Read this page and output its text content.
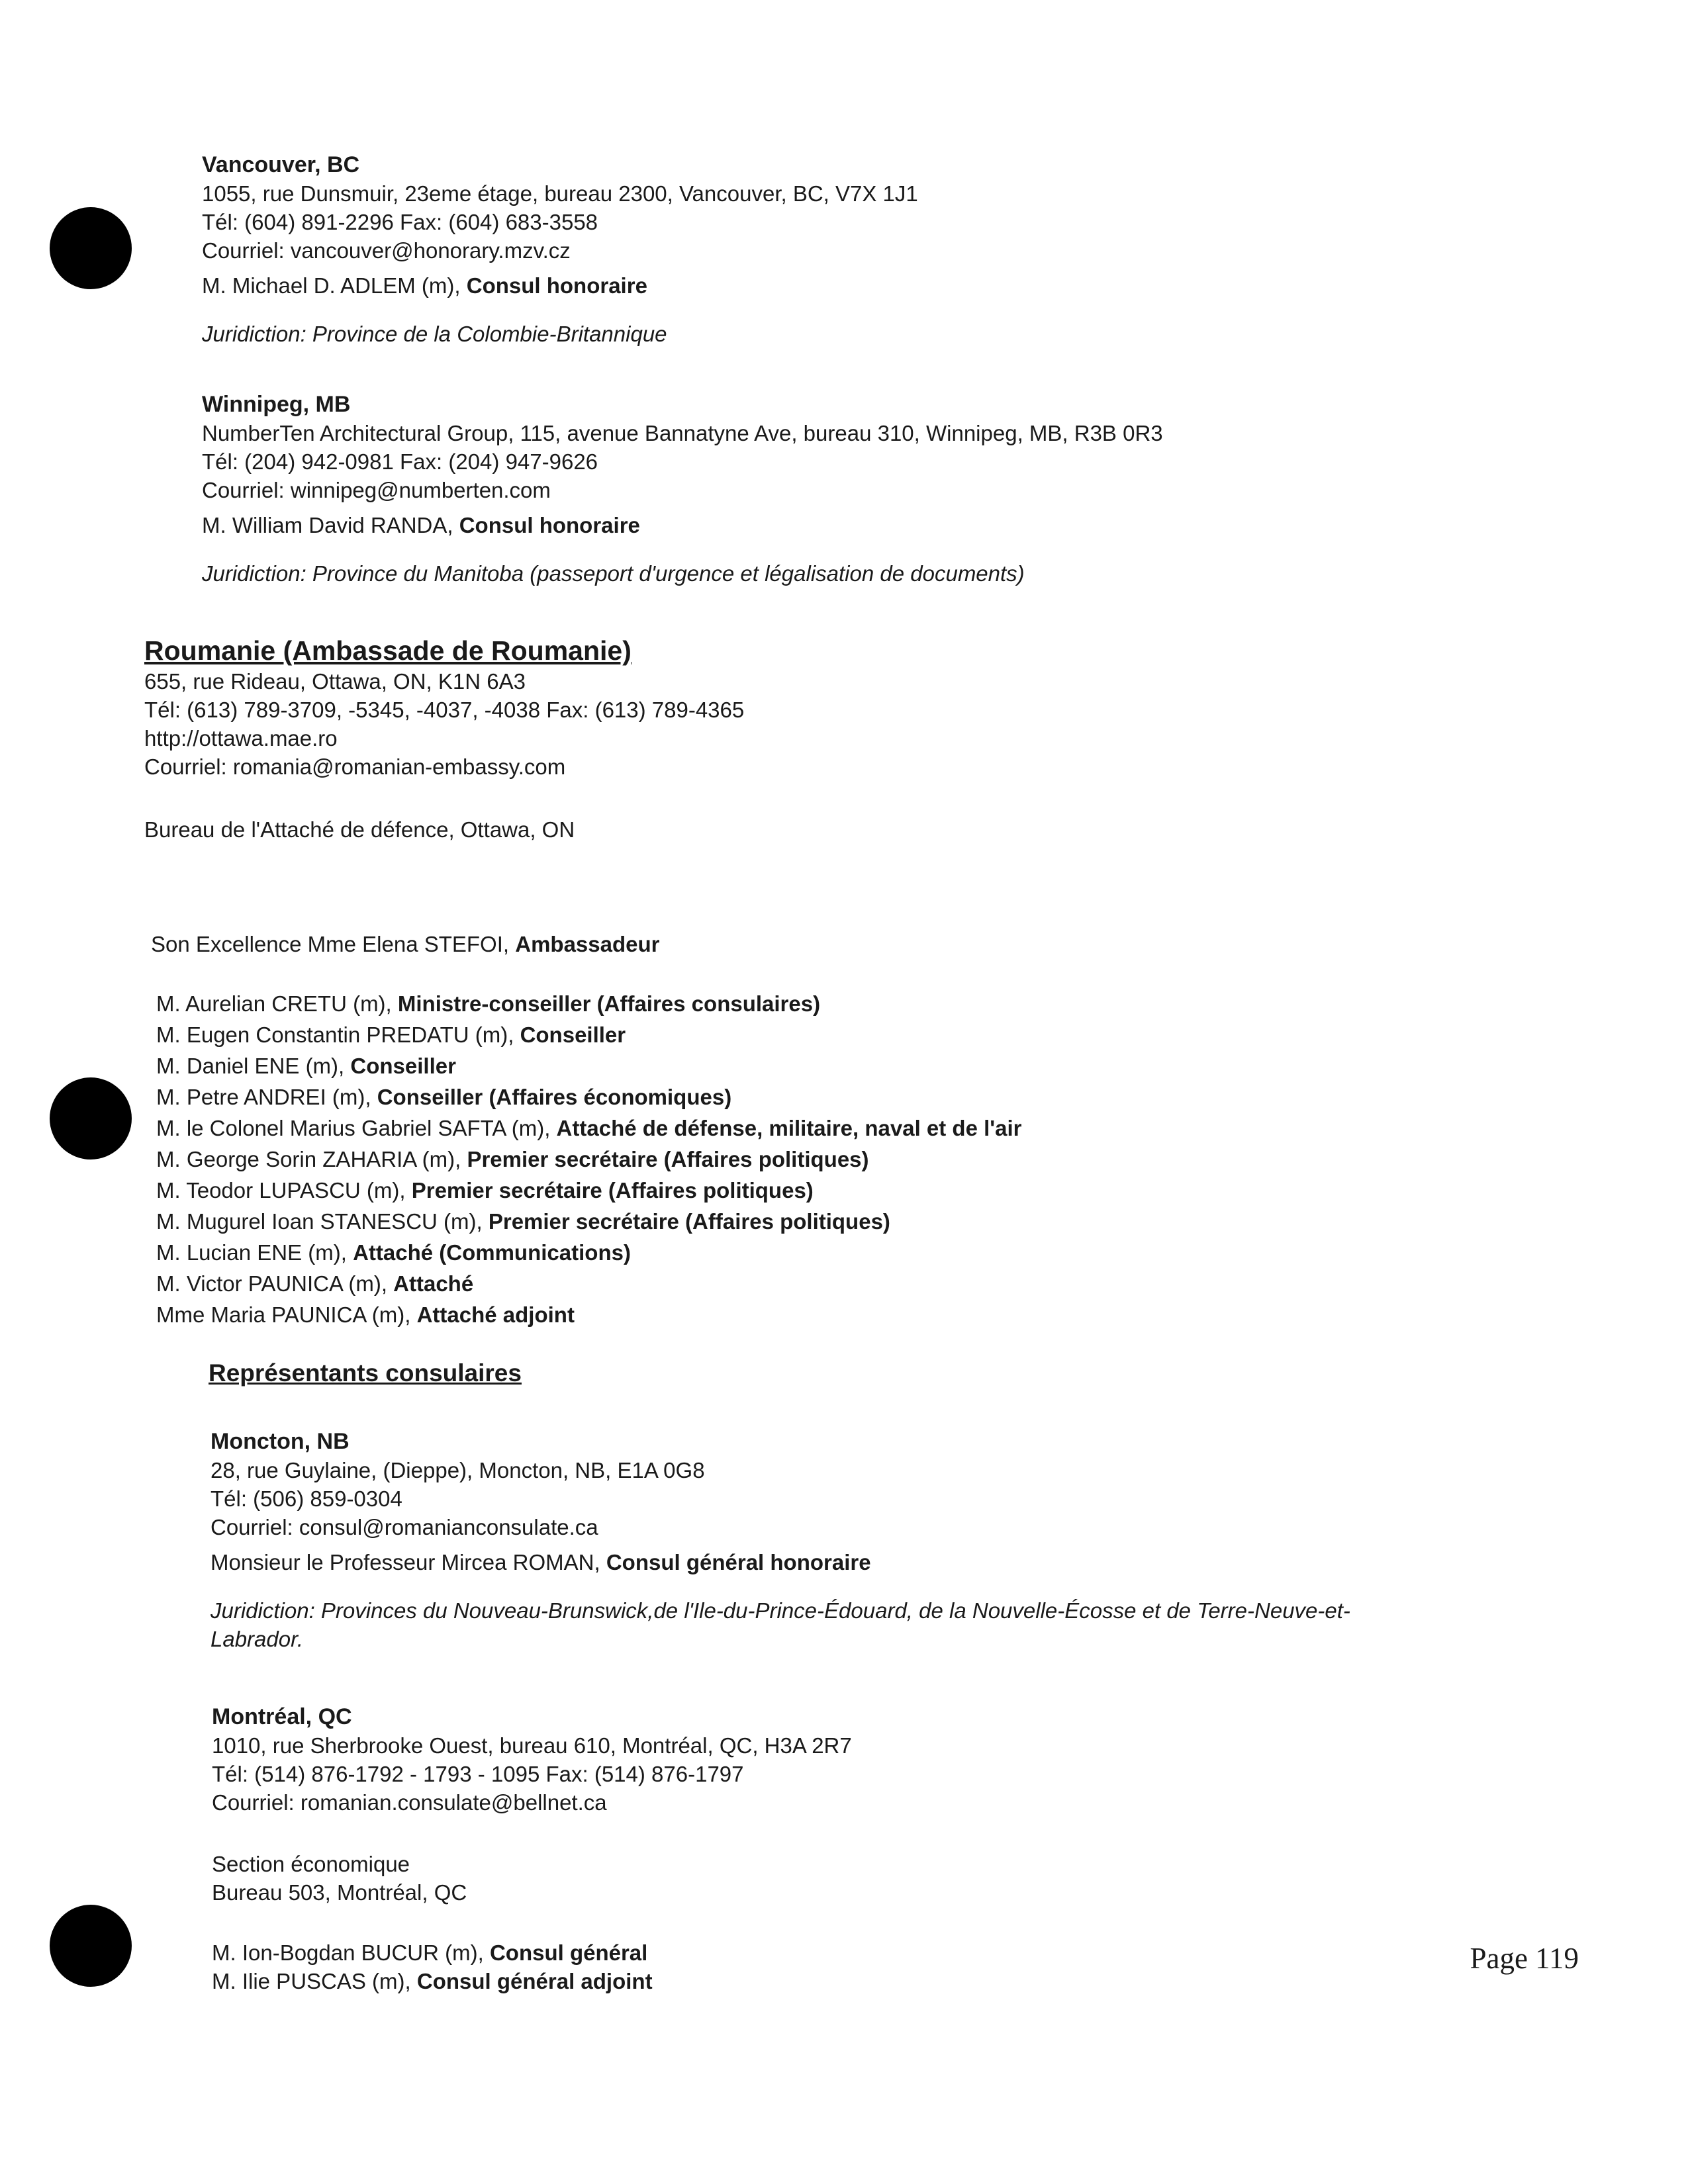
Vancouver, BC
1055, rue Dunsmuir, 23eme étage, bureau 2300, Vancouver, BC, V7X 1J1
Tél: (604) 891-2296 Fax: (604) 683-3558
Courriel: vancouver@honorary.mzv.cz
M. Michael D. ADLEM (m), Consul honoraire
Juridiction: Province de la Colombie-Britannique
Winnipeg, MB
NumberTen Architectural Group, 115, avenue Bannatyne Ave, bureau 310, Winnipeg, MB, R3B 0R3
Tél: (204) 942-0981 Fax: (204) 947-9626
Courriel: winnipeg@numberten.com
M. William David RANDA, Consul honoraire
Juridiction: Province du Manitoba (passeport d'urgence et légalisation de documents)
Roumanie (Ambassade de Roumanie)
655, rue Rideau, Ottawa, ON, K1N 6A3
Tél: (613) 789-3709, -5345, -4037, -4038 Fax: (613) 789-4365
http://ottawa.mae.ro
Courriel: romania@romanian-embassy.com
Bureau de l'Attaché de défence, Ottawa, ON
Son Excellence Mme Elena STEFOI, Ambassadeur
M. Aurelian CRETU (m), Ministre-conseiller (Affaires consulaires)
M. Eugen Constantin PREDATU (m), Conseiller
M. Daniel ENE (m), Conseiller
M. Petre ANDREI (m), Conseiller (Affaires économiques)
M. le Colonel Marius Gabriel SAFTA (m), Attaché de défense, militaire, naval et de l'air
M. George Sorin ZAHARIA (m), Premier secrétaire (Affaires politiques)
M. Teodor LUPASCU (m), Premier secrétaire (Affaires politiques)
M. Mugurel Ioan STANESCU (m), Premier secrétaire (Affaires politiques)
M. Lucian ENE (m), Attaché (Communications)
M. Victor PAUNICA (m), Attaché
Mme Maria PAUNICA (m), Attaché adjoint
Représentants consulaires
Moncton, NB
28, rue Guylaine, (Dieppe), Moncton, NB, E1A 0G8
Tél: (506) 859-0304
Courriel: consul@romanianconsulate.ca
Monsieur le Professeur Mircea ROMAN, Consul général honoraire
Juridiction: Provinces du Nouveau-Brunswick,de l'Ile-du-Prince-Édouard, de la Nouvelle-Écosse et de Terre-Neuve-et-
Labrador.
Montréal, QC
1010, rue Sherbrooke Ouest, bureau 610, Montréal, QC, H3A 2R7
Tél: (514) 876-1792 - 1793 - 1095 Fax: (514) 876-1797
Courriel: romanian.consulate@bellnet.ca
Section économique
Bureau 503, Montréal, QC
M. Ion-Bogdan BUCUR (m), Consul général
M. Ilie PUSCAS (m), Consul général adjoint
Page 119
